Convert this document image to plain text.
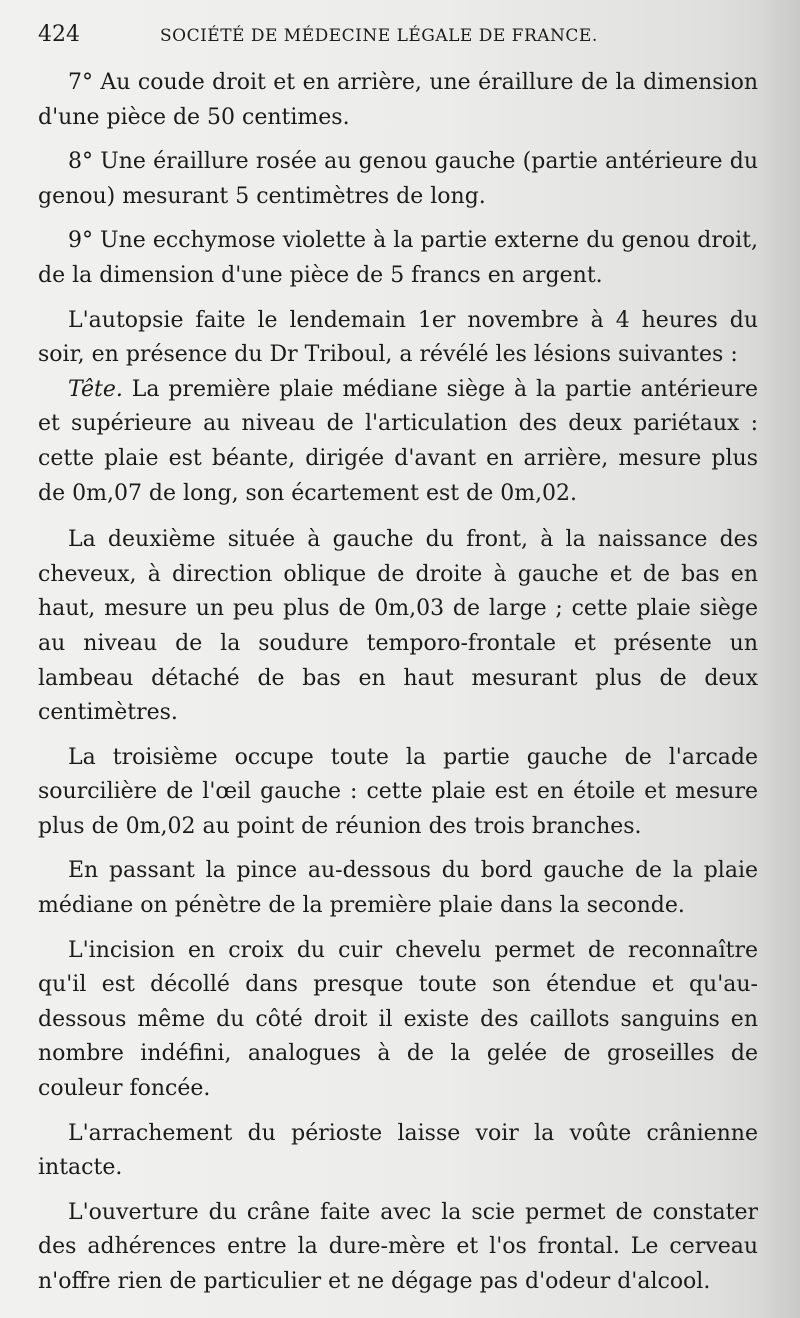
424	SOCIÉTÉ DE MÉDECINE LÉGALE DE FRANCE.

7° Au coude droit et en arrière, une éraillure de la dimension d'une pièce de 50 centimes.

8° Une éraillure rosée au genou gauche (partie antérieure du genou) mesurant 5 centimètres de long.

9° Une ecchymose violette à la partie externe du genou droit, de la dimension d'une pièce de 5 francs en argent.

L'autopsie faite le lendemain 1er novembre à 4 heures du soir, en présence du Dr Triboul, a révélé les lésions suivantes :

Tête. La première plaie médiane siège à la partie antérieure et supérieure au niveau de l'articulation des deux pariétaux : cette plaie est béante, dirigée d'avant en arrière, mesure plus de 0m,07 de long, son écartement est de 0m,02.

La deuxième située à gauche du front, à la naissance des cheveux, à direction oblique de droite à gauche et de bas en haut, mesure un peu plus de 0m,03 de large ; cette plaie siège au niveau de la soudure temporo-frontale et présente un lambeau détaché de bas en haut mesurant plus de deux centimètres.

La troisième occupe toute la partie gauche de l'arcade sourcilière de l'œil gauche : cette plaie est en étoile et mesure plus de 0m,02 au point de réunion des trois branches.

En passant la pince au-dessous du bord gauche de la plaie médiane on pénètre de la première plaie dans la seconde.

L'incision en croix du cuir chevelu permet de reconnaître qu'il est décollé dans presque toute son étendue et qu'au-dessous même du côté droit il existe des caillots sanguins en nombre indéfini, analogues à de la gelée de groseilles de couleur foncée.

L'arrachement du périoste laisse voir la voûte crânienne intacte.

L'ouverture du crâne faite avec la scie permet de constater des adhérences entre la dure-mère et l'os frontal. Le cerveau n'offre rien de particulier et ne dégage pas d'odeur d'alcool.
